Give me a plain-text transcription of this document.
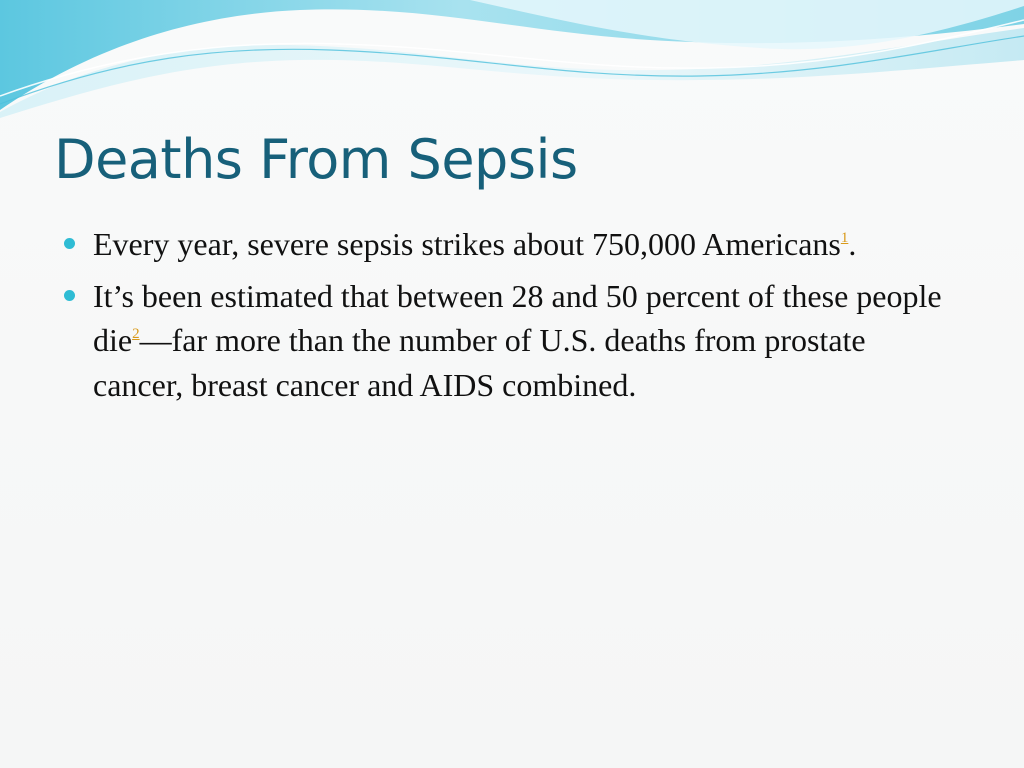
Deaths From Sepsis
Every year, severe sepsis strikes about 750,000 Americans$^1$.
It’s been estimated that between 28 and 50 percent of these people die$^2$—far more than the number of U.S. deaths from prostate cancer, breast cancer and AIDS combined.
